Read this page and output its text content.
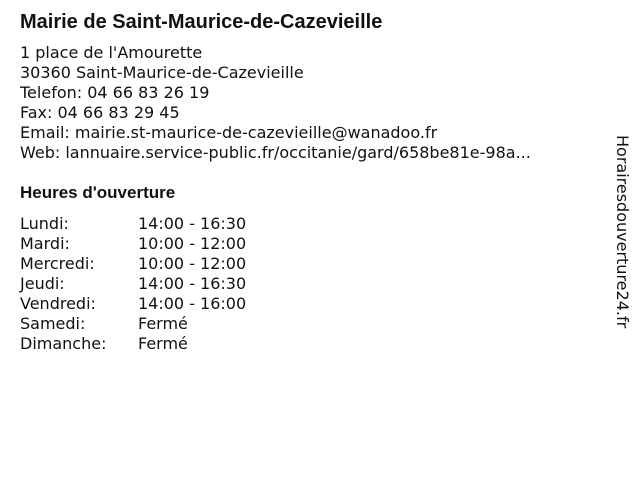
Mairie de Saint-Maurice-de-Cazevieille
1 place de l'Amourette
30360 Saint-Maurice-de-Cazevieille
Telefon: 04 66 83 26 19
Fax: 04 66 83 29 45
Email: mairie.st-maurice-de-cazevieille@wanadoo.fr
Web: lannuaire.service-public.fr/occitanie/gard/658be81e-98a...
Heures d'ouverture
Lundi:	14:00 - 16:30
Mardi:	10:00 - 12:00
Mercredi:	10:00 - 12:00
Jeudi:	14:00 - 16:30
Vendredi:	14:00 - 16:00
Samedi:	Fermé
Dimanche: Fermé
Horairesdouverture24.fr
